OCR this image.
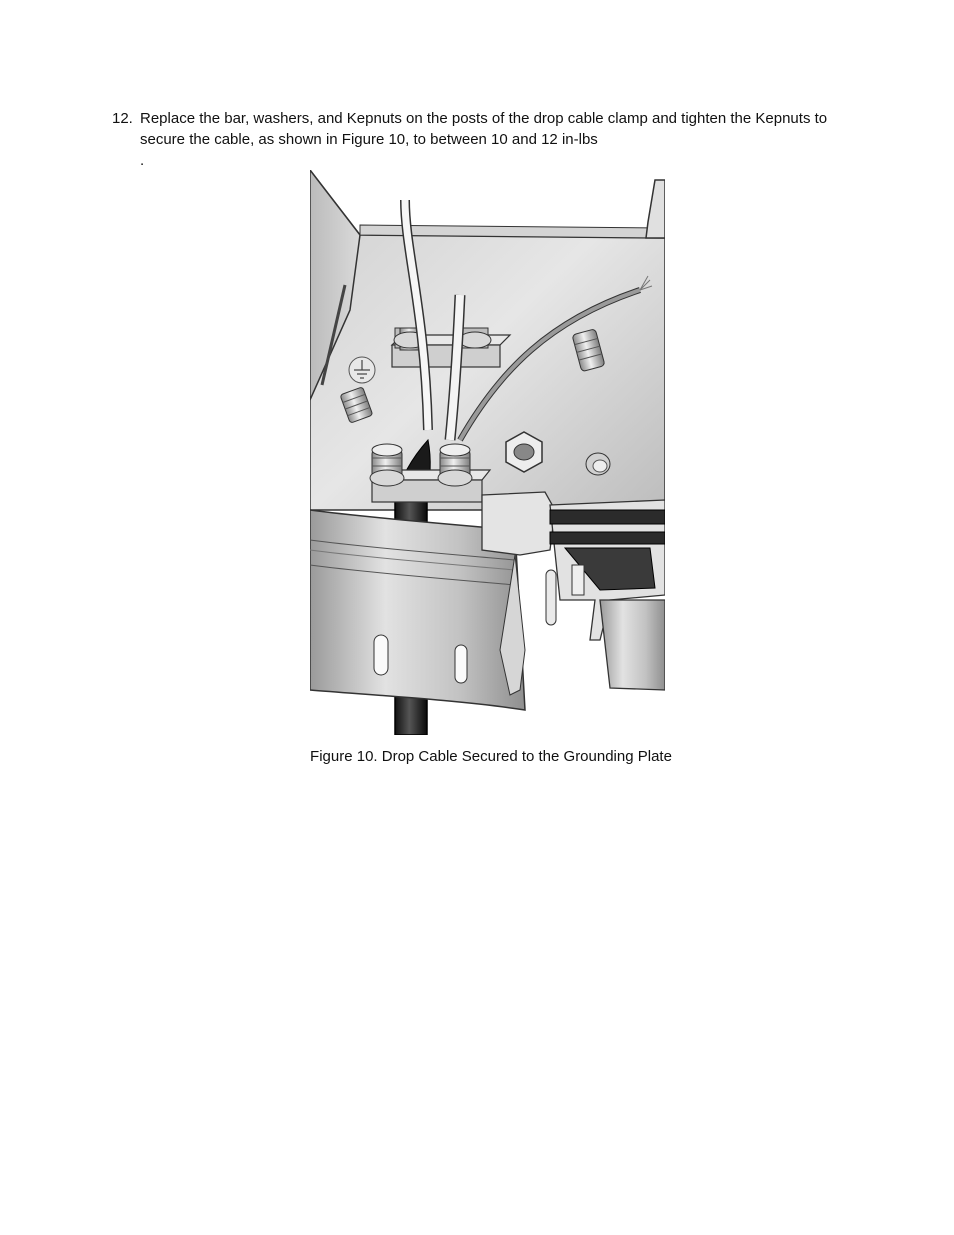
12. Replace the bar, washers, and Kepnuts on the posts of the drop cable clamp and tighten the Kepnuts to secure the cable, as shown in Figure 10, to between 10 and 12 in-lbs
.
Figure 10. Drop Cable Secured to the Grounding Plate
